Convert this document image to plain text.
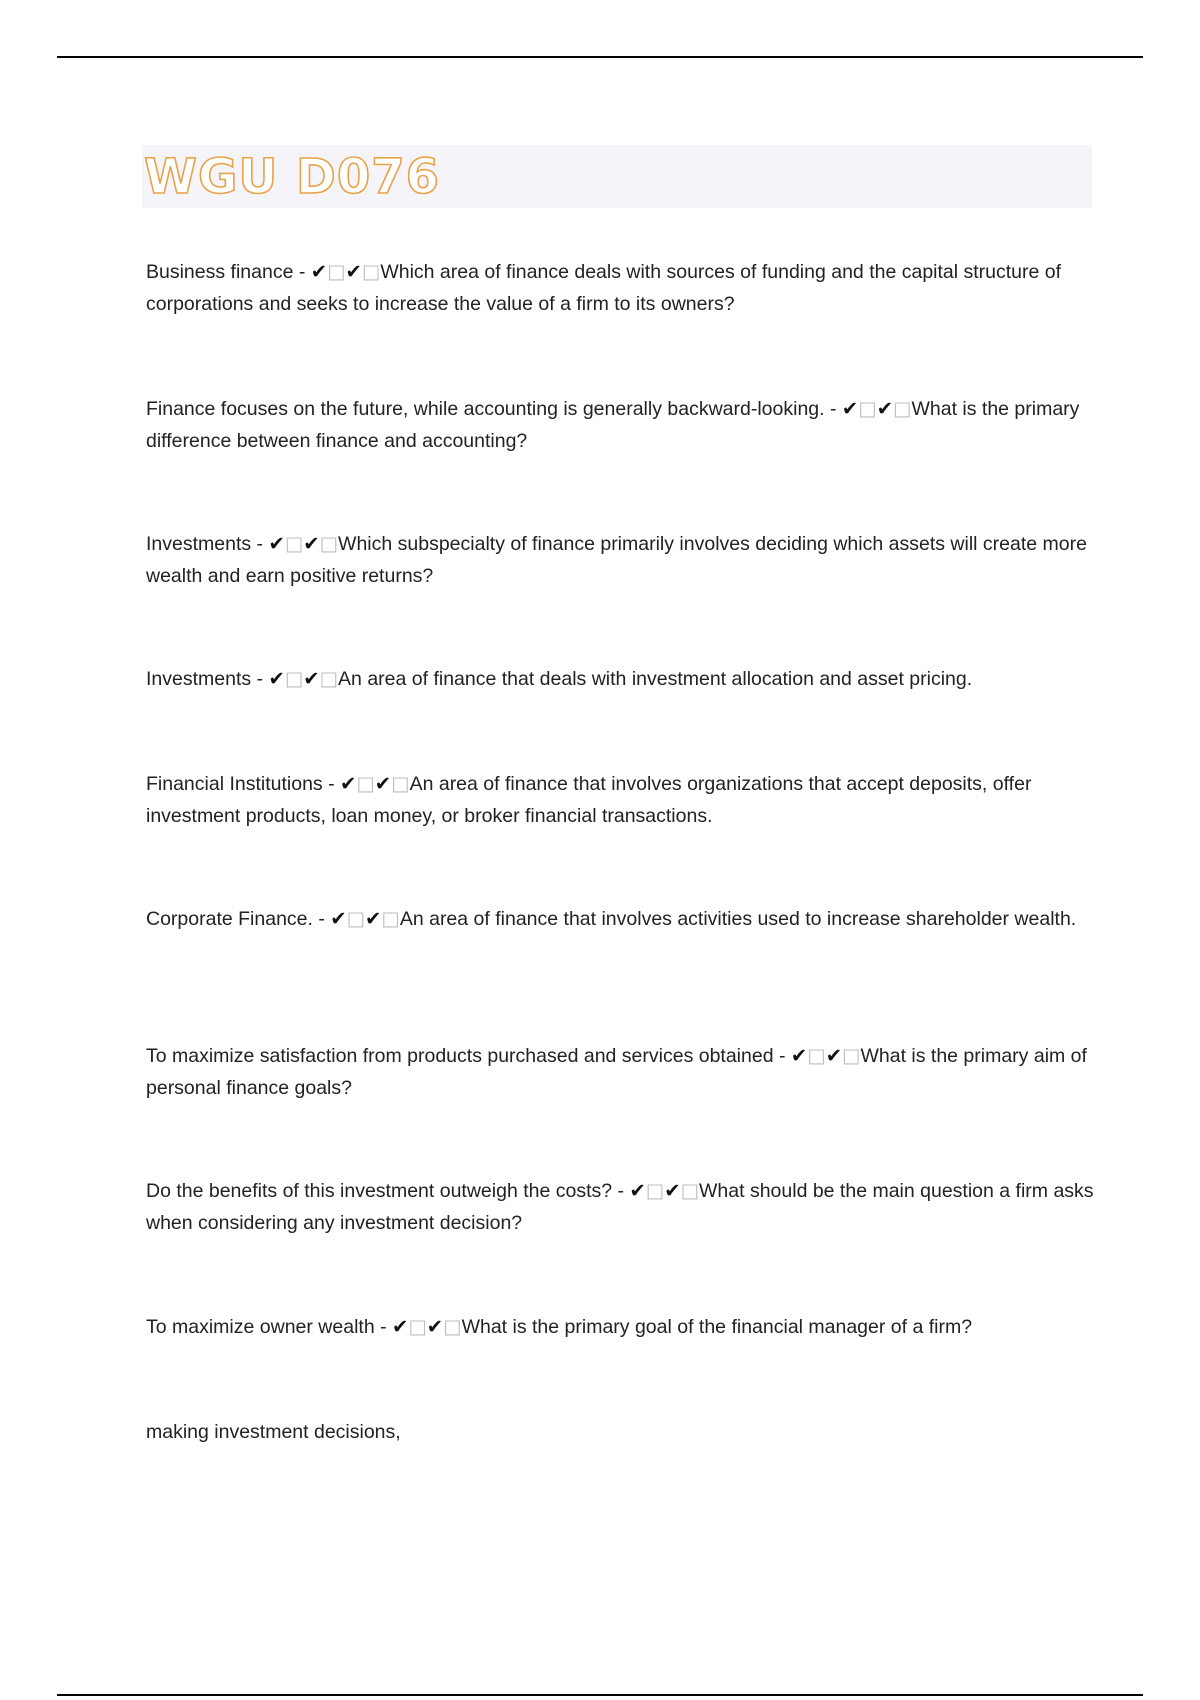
WGU D076
Business finance - ✔□✔□Which area of finance deals with sources of funding and the capital structure of corporations and seeks to increase the value of a firm to its owners?
Finance focuses on the future, while accounting is generally backward-looking. - ✔□✔□What is the primary difference between finance and accounting?
Investments - ✔□✔□Which subspecialty of finance primarily involves deciding which assets will create more wealth and earn positive returns?
Investments - ✔□✔□An area of finance that deals with investment allocation and asset pricing.
Financial Institutions - ✔□✔□An area of finance that involves organizations that accept deposits, offer investment products, loan money, or broker financial transactions.
Corporate Finance. - ✔□✔□An area of finance that involves activities used to increase shareholder wealth.
To maximize satisfaction from products purchased and services obtained - ✔□✔□What is the primary aim of personal finance goals?
Do the benefits of this investment outweigh the costs? - ✔□✔□What should be the main question a firm asks when considering any investment decision?
To maximize owner wealth - ✔□✔□What is the primary goal of the financial manager of a firm?
making investment decisions,
